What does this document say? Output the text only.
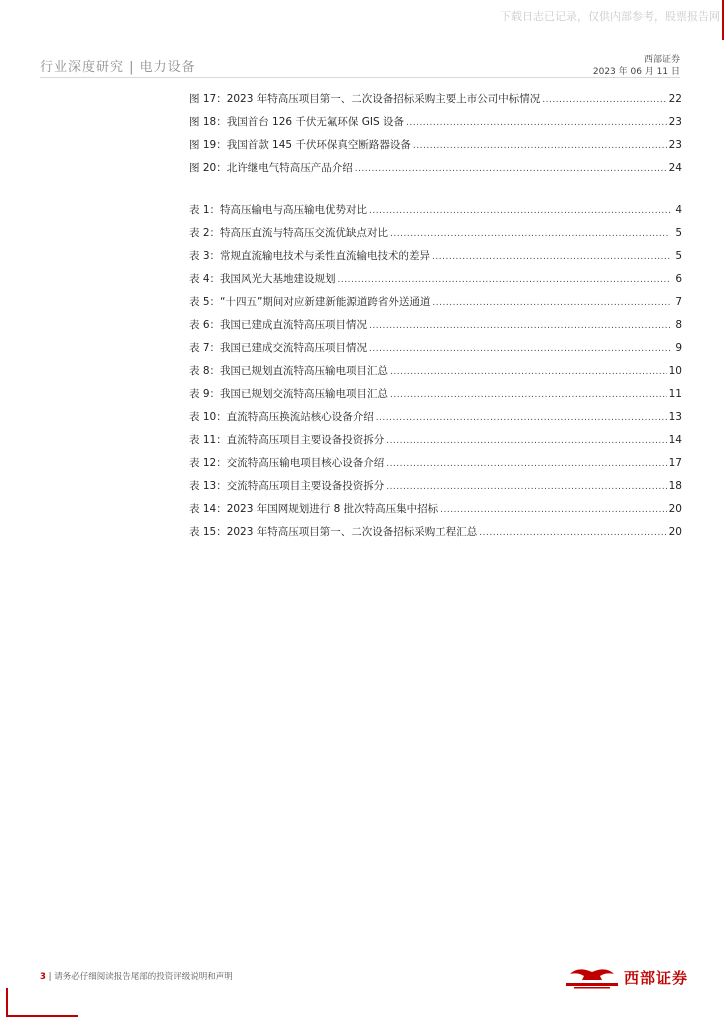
下载日志已记录，仅供内部参考，股票报告网
行业深度研究 | 电力设备	西部证券
2023 年 06 月 11 日
图 17：2023 年特高压项目第一、二次设备招标采购主要上市公司中标情况 .....	22
图 18：我国首台 126 千伏无氟环保 GIS 设备 .....	23
图 19：我国首款 145 千伏环保真空断路器设备 .....	23
图 20：北许继电气特高压产品介绍 .....	24
表 1：特高压输电与高压输电优势对比 .....	4
表 2：特高压直流与特高压交流优缺点对比 .....	5
表 3：常规直流输电技术与柔性直流输电技术的差异 .....	5
表 4：我国风光大基地建设规划 .....	6
表 5：“十四五”期间对应新建新能源道跨省外送通道 .....	7
表 6：我国已建成直流特高压项目情况 .....	8
表 7：我国已建成交流特高压项目情况 .....	9
表 8：我国已规划直流特高压输电项目汇总 .....	10
表 9：我国已规划交流特高压输电项目汇总 .....	11
表 10：直流特高压换流站核心设备介绍 .....	13
表 11：直流特高压项目主要设备投资拆分 .....	14
表 12：交流特高压输电项目核心设备介绍 .....	17
表 13：交流特高压项目主要设备投资拆分 .....	18
表 14：2023 年国网规划进行 8 批次特高压集中招标 .....	20
表 15：2023 年特高压项目第一、二次设备招标采购工程汇总 .....	20
3 | 请务必仔细阅读报告尾部的投资评级说明和声明	西部证券
